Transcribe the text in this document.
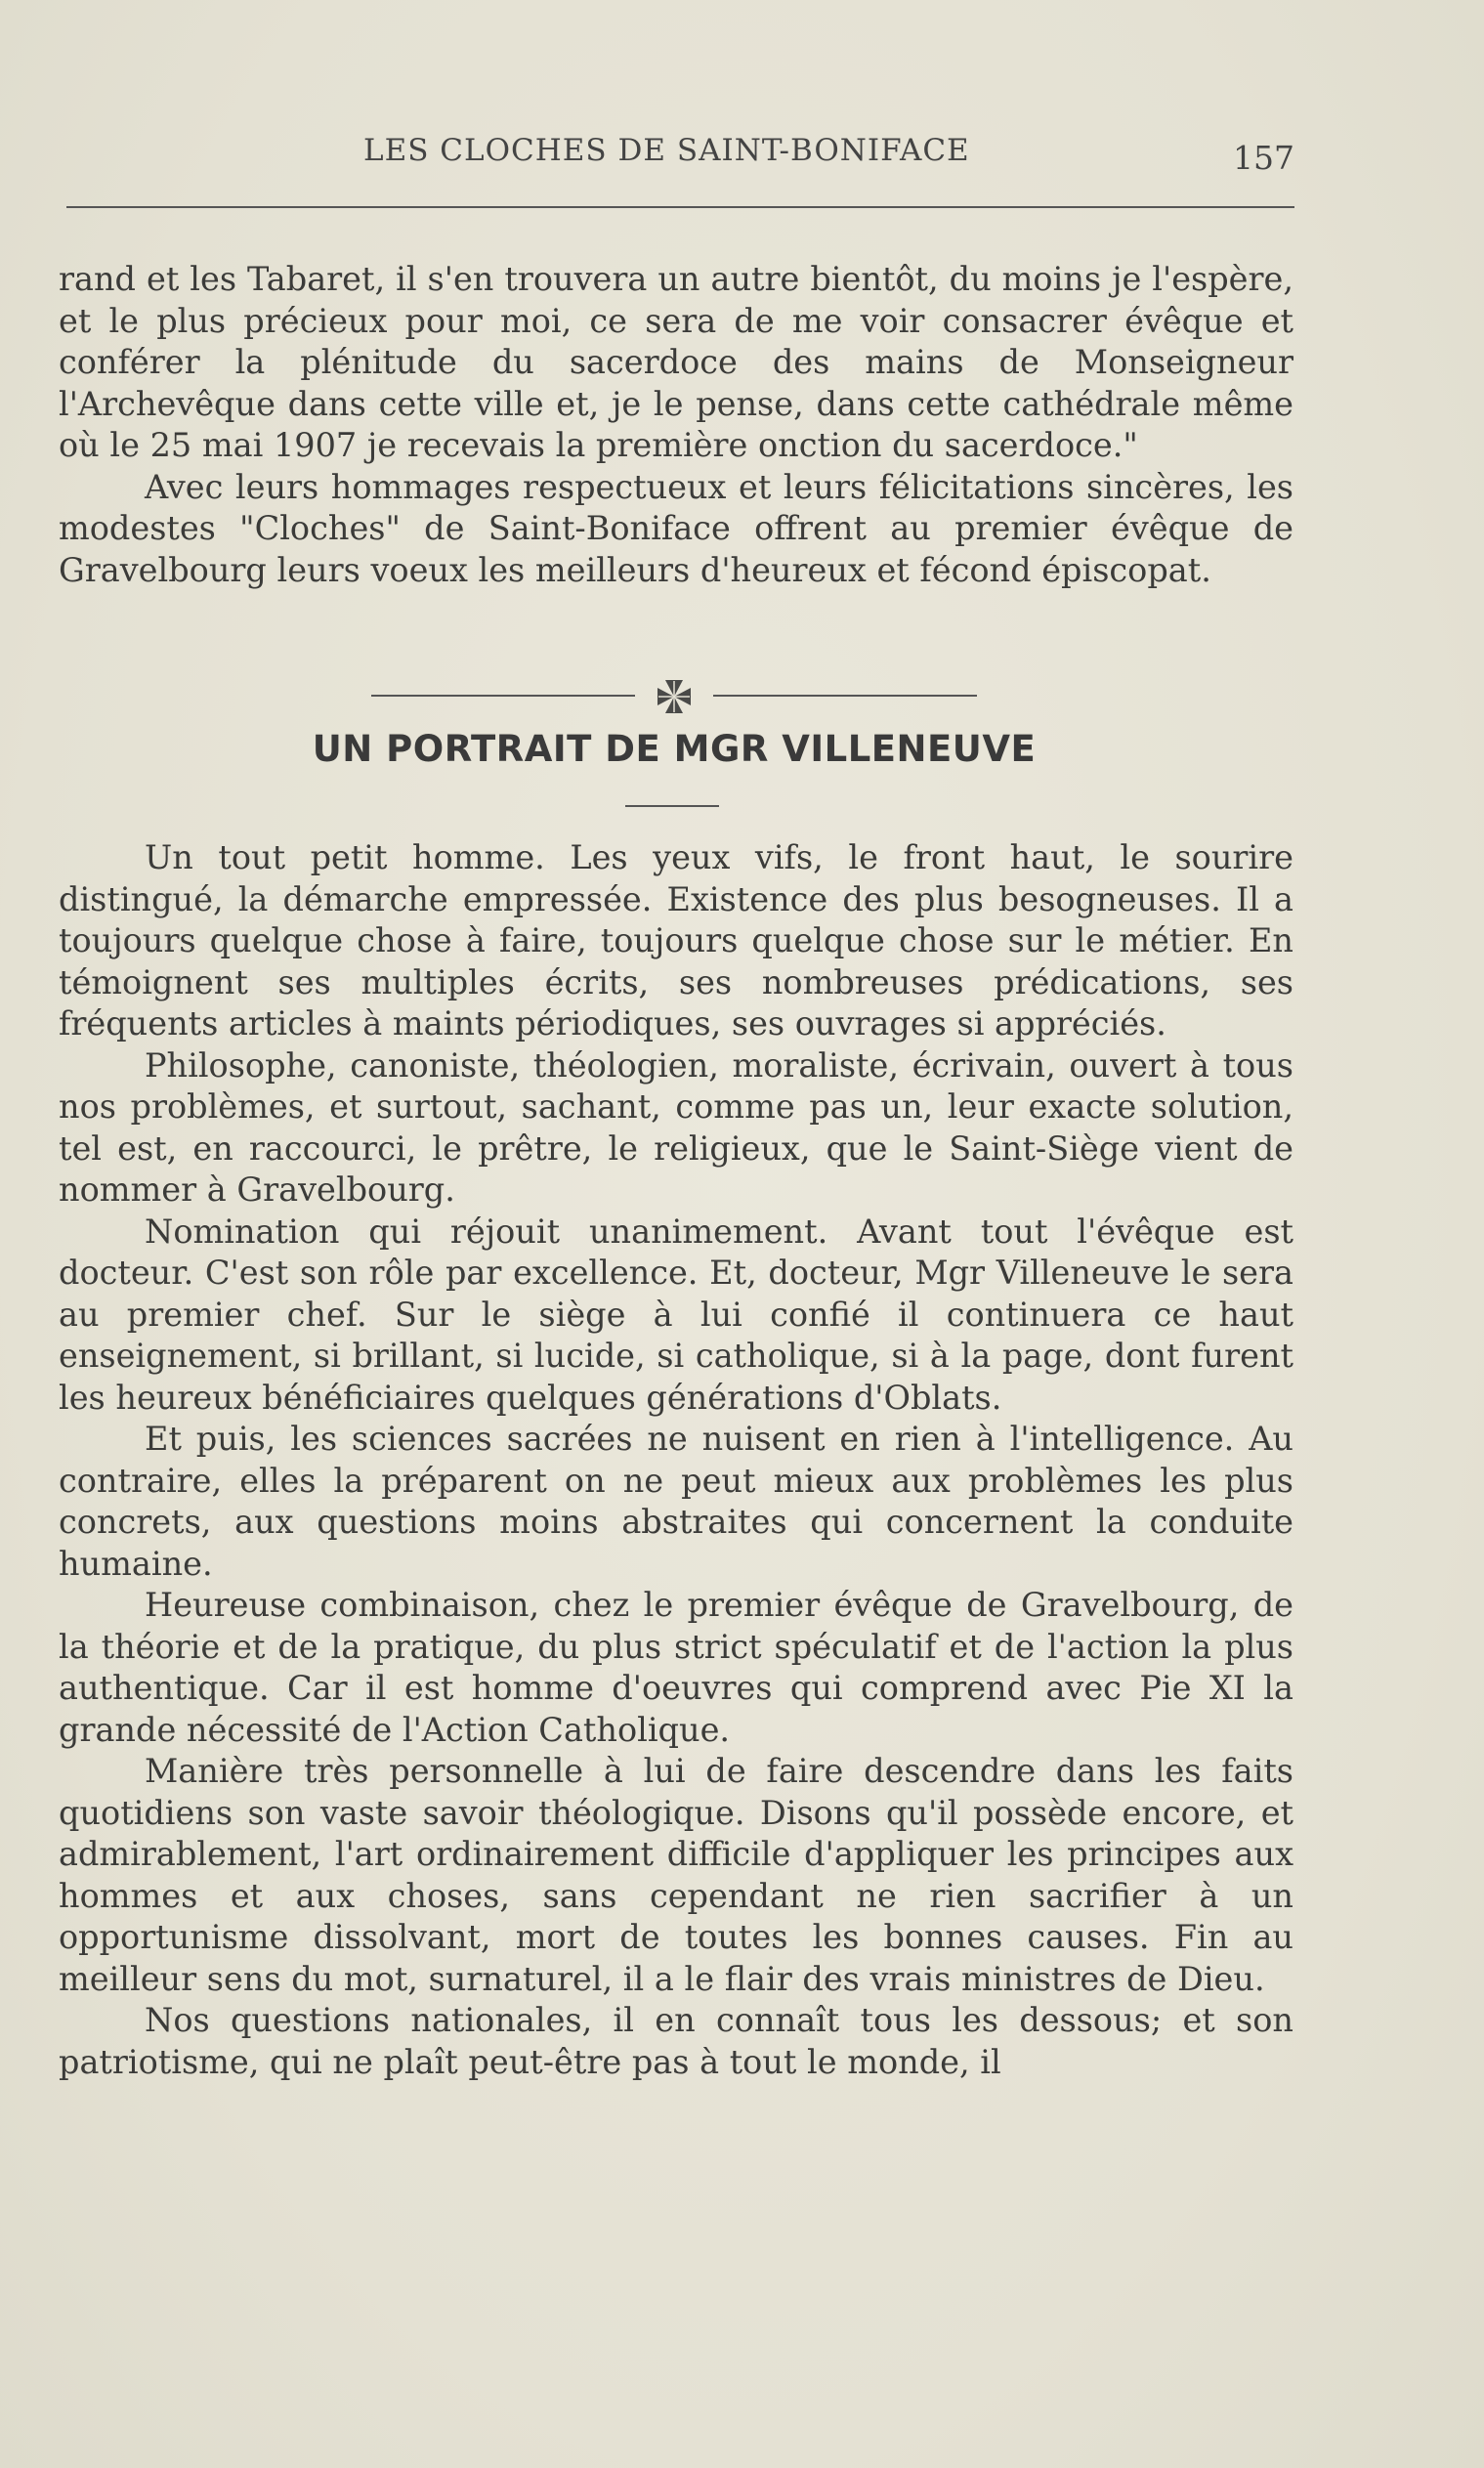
LES CLOCHES DE SAINT-BONIFACE	157

rand et les Tabaret, il s'en trouvera un autre bientôt, du moins je l'espère, et le plus précieux pour moi, ce sera de me voir consacrer évêque et conférer la plénitude du sacerdoce des mains de Monseigneur l'Archevêque dans cette ville et, je le pense, dans cette cathédrale même où le 25 mai 1907 je recevais la première onction du sacerdoce."

Avec leurs hommages respectueux et leurs félicitations sincères, les modestes "Cloches" de Saint-Boniface offrent au premier évêque de Gravelbourg leurs voeux les meilleurs d'heureux et fécond épiscopat.

UN PORTRAIT DE MGR VILLENEUVE

Un tout petit homme. Les yeux vifs, le front haut, le sourire distingué, la démarche empressée. Existence des plus besogneuses. Il a toujours quelque chose à faire, toujours quelque chose sur le métier. En témoignent ses multiples écrits, ses nombreuses prédications, ses fréquents articles à maints périodiques, ses ouvrages si appréciés.

Philosophe, canoniste, théologien, moraliste, écrivain, ouvert à tous nos problèmes, et surtout, sachant, comme pas un, leur exacte solution, tel est, en raccourci, le prêtre, le religieux, que le Saint-Siège vient de nommer à Gravelbourg.

Nomination qui réjouit unanimement. Avant tout l'évêque est docteur. C'est son rôle par excellence. Et, docteur, Mgr Villeneuve le sera au premier chef. Sur le siège à lui confié il continuera ce haut enseignement, si brillant, si lucide, si catholique, si à la page, dont furent les heureux bénéficiaires quelques générations d'Oblats.

Et puis, les sciences sacrées ne nuisent en rien à l'intelligence. Au contraire, elles la préparent on ne peut mieux aux problèmes les plus concrets, aux questions moins abstraites qui concernent la conduite humaine.

Heureuse combinaison, chez le premier évêque de Gravelbourg, de la théorie et de la pratique, du plus strict spéculatif et de l'action la plus authentique. Car il est homme d'oeuvres qui comprend avec Pie XI la grande nécessité de l'Action Catholique.

Manière très personnelle à lui de faire descendre dans les faits quotidiens son vaste savoir théologique. Disons qu'il possède encore, et admirablement, l'art ordinairement difficile d'appliquer les principes aux hommes et aux choses, sans cependant ne rien sacrifier à un opportunisme dissolvant, mort de toutes les bonnes causes. Fin au meilleur sens du mot, surnaturel, il a le flair des vrais ministres de Dieu.

Nos questions nationales, il en connaît tous les dessous; et son patriotisme, qui ne plaît peut-être pas à tout le monde, il
